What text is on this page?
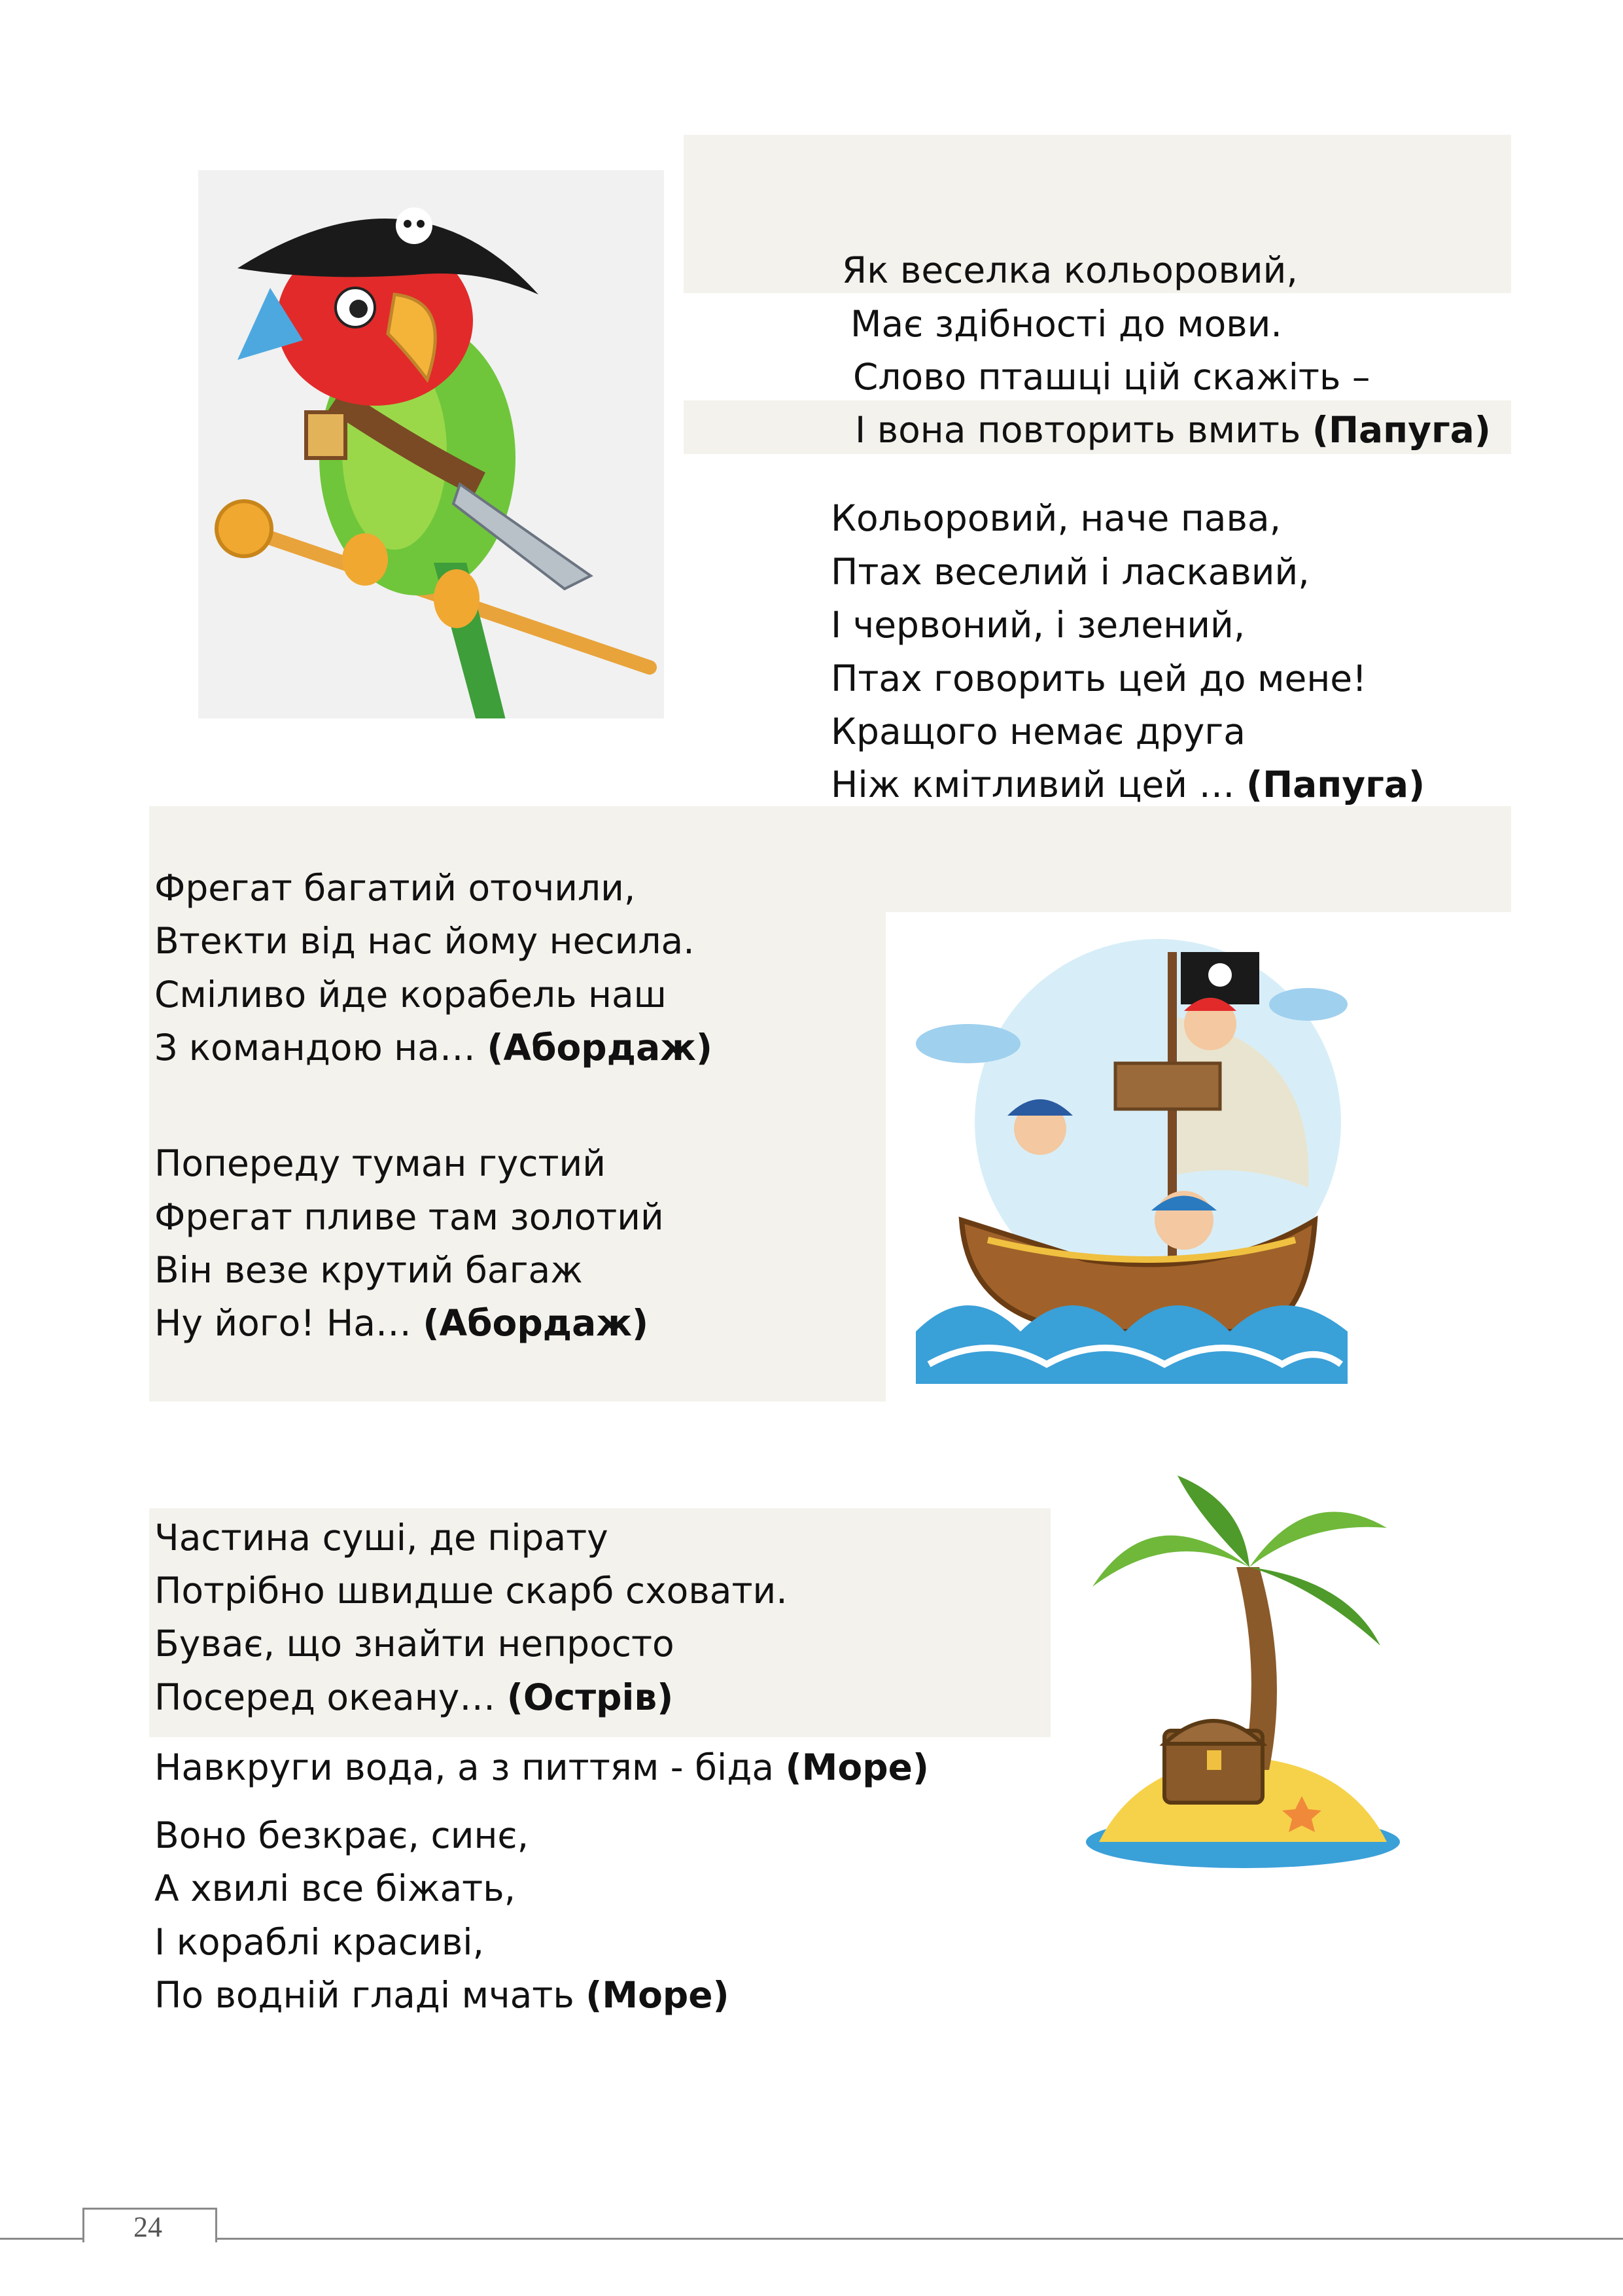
Як веселка кольоровий,
Має здібності до мови.
Слово пташці цій скажіть –
І вона повторить вмить (Папуга)
Кольоровий, наче пава,
Птах веселий і ласкавий,
І червоний, і зелений,
Птах говорить цей до мене!
Кращого немає друга
Ніж кмітливий цей … (Папуга)
Фрегат багатий оточили,
Втекти від нас йому несила.
Сміливо йде корабель наш
З командою на… (Абордаж)
Попереду туман густий
Фрегат пливе там золотий
Він везе крутий багаж
Ну його! На… (Абордаж)
Частина суші, де пірату
Потрібно швидше скарб сховати.
Буває, що знайти непросто
Посеред океану… (Острів)
Навкруги вода, а з питтям - біда (Море)
Воно безкрає, синє,
А хвилі все біжать,
І кораблі красиві,
По водній гладі мчать (Море)
24
